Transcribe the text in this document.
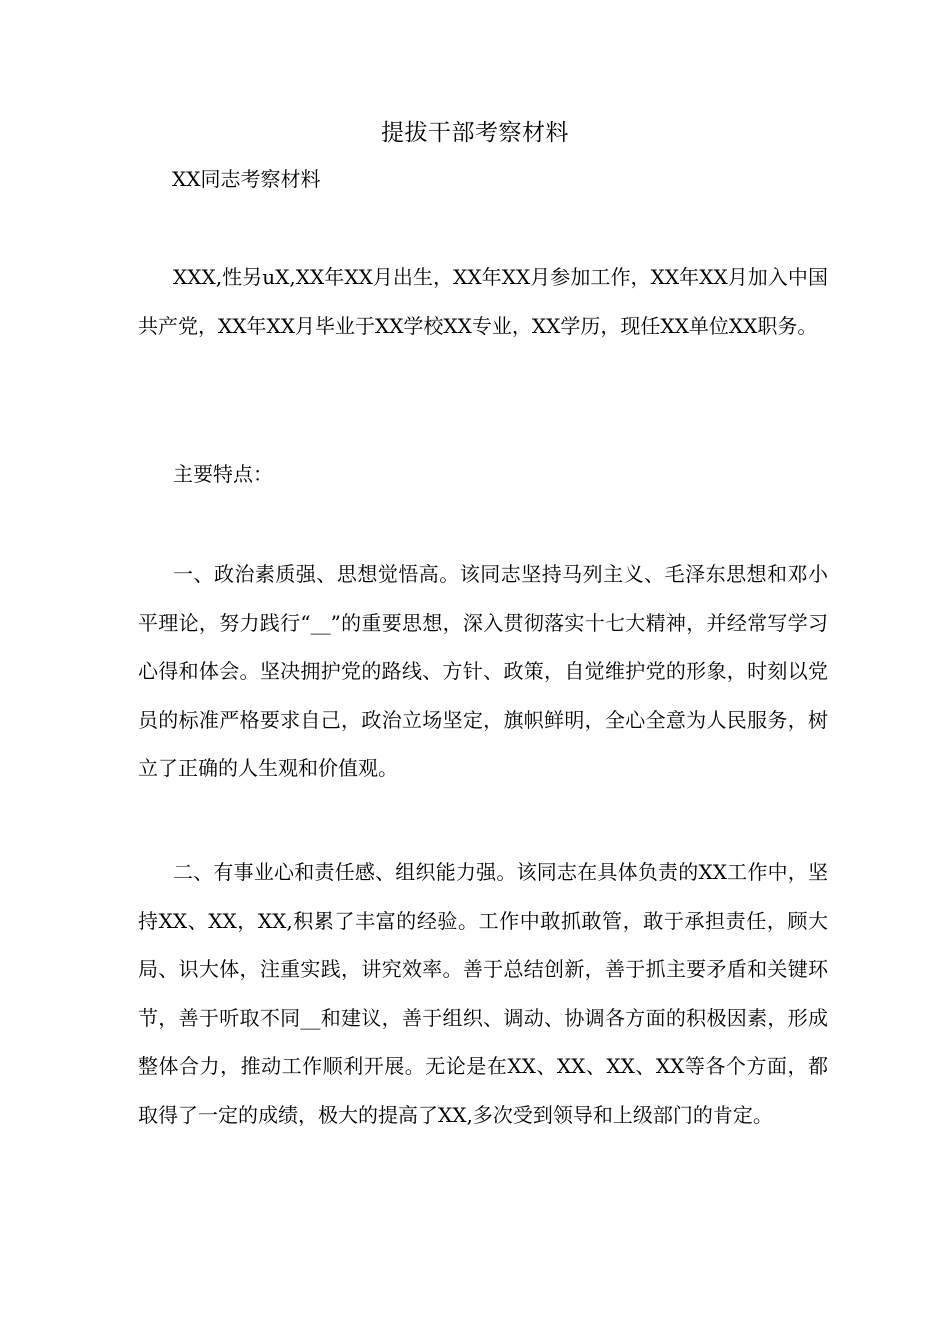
提拔干部考察材料
XX同志考察材料

XXX,性另uX,XX年XX月出生，XX年XX月参加工作，XX年XX月加入中国共产党，XX年XX月毕业于XX学校XX专业，XX学历，现任XX单位XX职务。

主要特点：

一、政治素质强、思想觉悟高。该同志坚持马列主义、毛泽东思想和邓小平理论，努力践行“__”的重要思想，深入贯彻落实十七大精神，并经常写学习心得和体会。坚决拥护党的路线、方针、政策，自觉维护党的形象，时刻以党员的标准严格要求自己，政治立场坚定，旗帜鲜明，全心全意为人民服务，树立了正确的人生观和价值观。

二、有事业心和责任感、组织能力强。该同志在具体负责的XX工作中，坚持XX、XX，XX,积累了丰富的经验。工作中敢抓敢管，敢于承担责任，顾大局、识大体，注重实践，讲究效率。善于总结创新，善于抓主要矛盾和关键环节，善于听取不同__和建议，善于组织、调动、协调各方面的积极因素，形成整体合力，推动工作顺利开展。无论是在XX、XX、XX、XX等各个方面，都取得了一定的成绩，极大的提高了XX,多次受到领导和上级部门的肯定。
